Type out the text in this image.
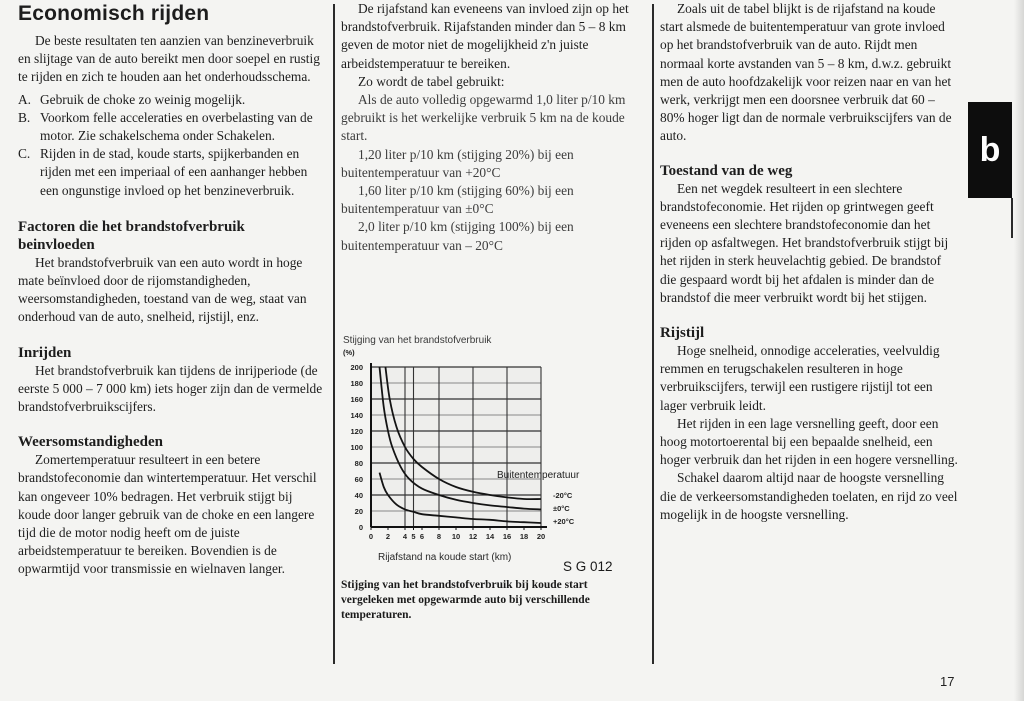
Economisch rijden

De beste resultaten ten aanzien van benzineverbruik en slijtage van de auto bereikt men door soepel en rustig te rijden en zich te houden aan het onderhoudsschema.

A. Gebruik de choke zo weinig mogelijk.
B. Voorkom felle acceleraties en overbelasting van de motor. Zie schakelschema onder Schakelen.
C. Rijden in de stad, koude starts, spijkerbanden en rijden met een imperiaal of een aanhanger hebben een ongunstige invloed op het benzineverbruik.
Factoren die het brandstofverbruik beinvloeden

Het brandstofverbruik van een auto wordt in hoge mate beïnvloed door de rijomstandigheden, weersomstandigheden, toestand van de weg, staat van onderhoud van de auto, snelheid, rijstijl, enz.

Inrijden

Het brandstofverbruik kan tijdens de inrijperiode (de eerste 5 000 – 7 000 km) iets hoger zijn dan de vermelde brandstofverbruikscijfers.

Weersomstandigheden

Zomertemperatuur resulteert in een betere brandstofeconomie dan wintertemperatuur. Het verschil kan ongeveer 10% bedragen. Het verbruik stijgt bij koude door langer gebruik van de choke en een langere tijd die de motor nodig heeft om de juiste arbeidstemperatuur te bereiken. Bovendien is de opwarmtijd voor transmissie en wielnaven langer.

De rijafstand kan eveneens van invloed zijn op het brandstofverbruik. Rijafstanden minder dan 5 – 8 km geven de motor niet de mogelijkheid z'n juiste arbeidstemperatuur te bereiken.

Zo wordt de tabel gebruikt:

Als de auto volledig opgewarmd 1,0 liter p/10 km gebruikt is het werkelijke verbruik 5 km na de koude start.

1,20 liter p/10 km (stijging 20%) bij een buitentemperatuur van +20°C

1,60 liter p/10 km (stijging 60%) bij een buitentemperatuur van ±0°C

2,0 liter p/10 km (stijging 100%) bij een buitentemperatuur van – 20°C

Stijging van het brandstofverbruik
(%)
0
20
40
60
80
100
120
140
160
180
200
0 2 4 5 6 8 10 12 14 16 18 20
Rijafstand na koude start (km)
Buitentemperatuur
-20°C
±0°C
+20°C
S G 012
Stijging van het brandstofverbruik bij koude start vergeleken met opgewarmde auto bij verschillende temperaturen.

Zoals uit de tabel blijkt is de rijafstand na koude start alsmede de buitentemperatuur van grote invloed op het brandstofverbruik van de auto. Rijdt men normaal korte avstanden van 5 – 8 km, d.w.z. gebruikt men de auto hoofdzakelijk voor reizen naar en van het werk, verkrijgt men een doorsnee verbruik dat 60 – 80% hoger ligt dan de normale verbruikscijfers van de auto.

Toestand van de weg

Een net wegdek resulteert in een slechtere brandstofeconomie. Het rijden op grintwegen geeft eveneens een slechtere brandstofeconomie dan het rijden op asfaltwegen. Het brandstofverbruik stijgt bij het rijden in sterk heuvelachtig gebied. De brandstof die gespaard wordt bij het afdalen is minder dan de brandstof die meer verbruikt wordt bij het stijgen.

Rijstijl

Hoge snelheid, onnodige acceleraties, veelvuldig remmen en terugschakelen resulteren in hoge verbruikscijfers, terwijl een rustigere rijstijl tot een lager verbruik leidt.

Het rijden in een lage versnelling geeft, door een hoog motortoerental bij een bepaalde snelheid, een hoger verbruik dan het rijden in een hogere versnelling.

Schakel daarom altijd naar de hoogste versnelling die de verkeersomstandigheden toelaten, en rijd zo veel mogelijk in de hoogste versnelling.

b
17
